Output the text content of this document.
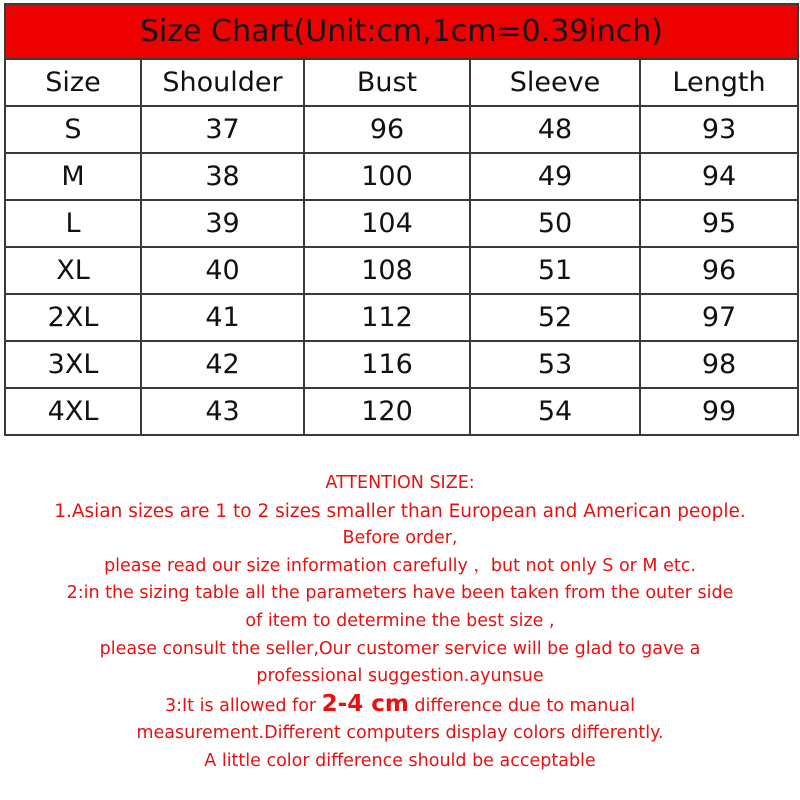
Size Chart(Unit:cm,1cm=0.39inch)				
Size	Shoulder	Bust	Sleeve	Length
S	37	96	48	93
M	38	100	49	94
L	39	104	50	95
XL	40	108	51	96
2XL	41	112	52	97
3XL	42	116	53	98
4XL	43	120	54	99
ATTENTION SIZE:
1.Asian sizes are 1 to 2 sizes smaller than European and American people.
Before order,
please read our size information carefully ，but not only S or M etc.
2:in the sizing table all the parameters have been taken from the outer side
of item to determine the best size ,
please consult the seller,Our customer service will be glad to gave a
professional suggestion.ayunsue
3:It is allowed for 2-4 cm difference due to manual
measurement.Different computers display colors differently.
A little color difference should be acceptable
